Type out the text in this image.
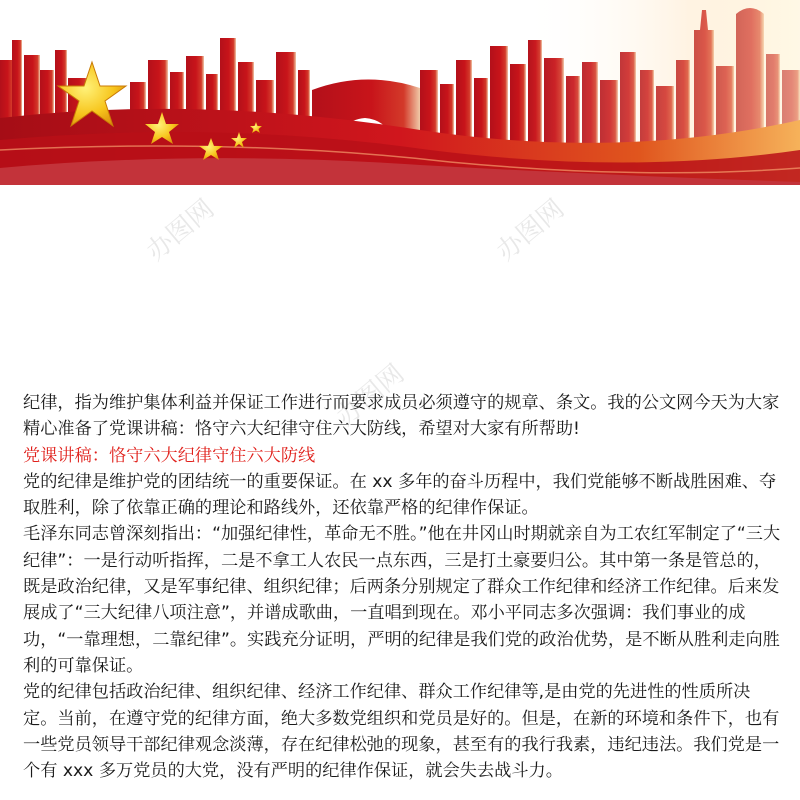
办图网	办图网
办图网

纪律，指为维护集体利益并保证工作进行而要求成员必须遵守的规章、条文。我的公文网今天为大家精心准备了党课讲稿：恪守六大纪律守住六大防线，希望对大家有所帮助!

党课讲稿：恪守六大纪律守住六大防线

党的纪律是维护党的团结统一的重要保证。在 xx 多年的奋斗历程中，我们党能够不断战胜困难、夺取胜利，除了依靠正确的理论和路线外，还依靠严格的纪律作保证。

毛泽东同志曾深刻指出：“加强纪律性，革命无不胜。”他在井冈山时期就亲自为工农红军制定了“三大纪律”：一是行动听指挥，二是不拿工人农民一点东西，三是打土豪要归公。其中第一条是管总的，既是政治纪律，又是军事纪律、组织纪律；后两条分别规定了群众工作纪律和经济工作纪律。后来发展成了“三大纪律八项注意”，并谱成歌曲，一直唱到现在。邓小平同志多次强调：我们事业的成功，“一靠理想，二靠纪律”。实践充分证明，严明的纪律是我们党的政治优势，是不断从胜利走向胜利的可靠保证。

党的纪律包括政治纪律、组织纪律、经济工作纪律、群众工作纪律等,是由党的先进性的性质所决定。当前，在遵守党的纪律方面，绝大多数党组织和党员是好的。但是，在新的环境和条件下，也有一些党员领导干部纪律观念淡薄，存在纪律松弛的现象，甚至有的我行我素，违纪违法。我们党是一个有 xxx 多万党员的大党，没有严明的纪律作保证，就会失去战斗力。
